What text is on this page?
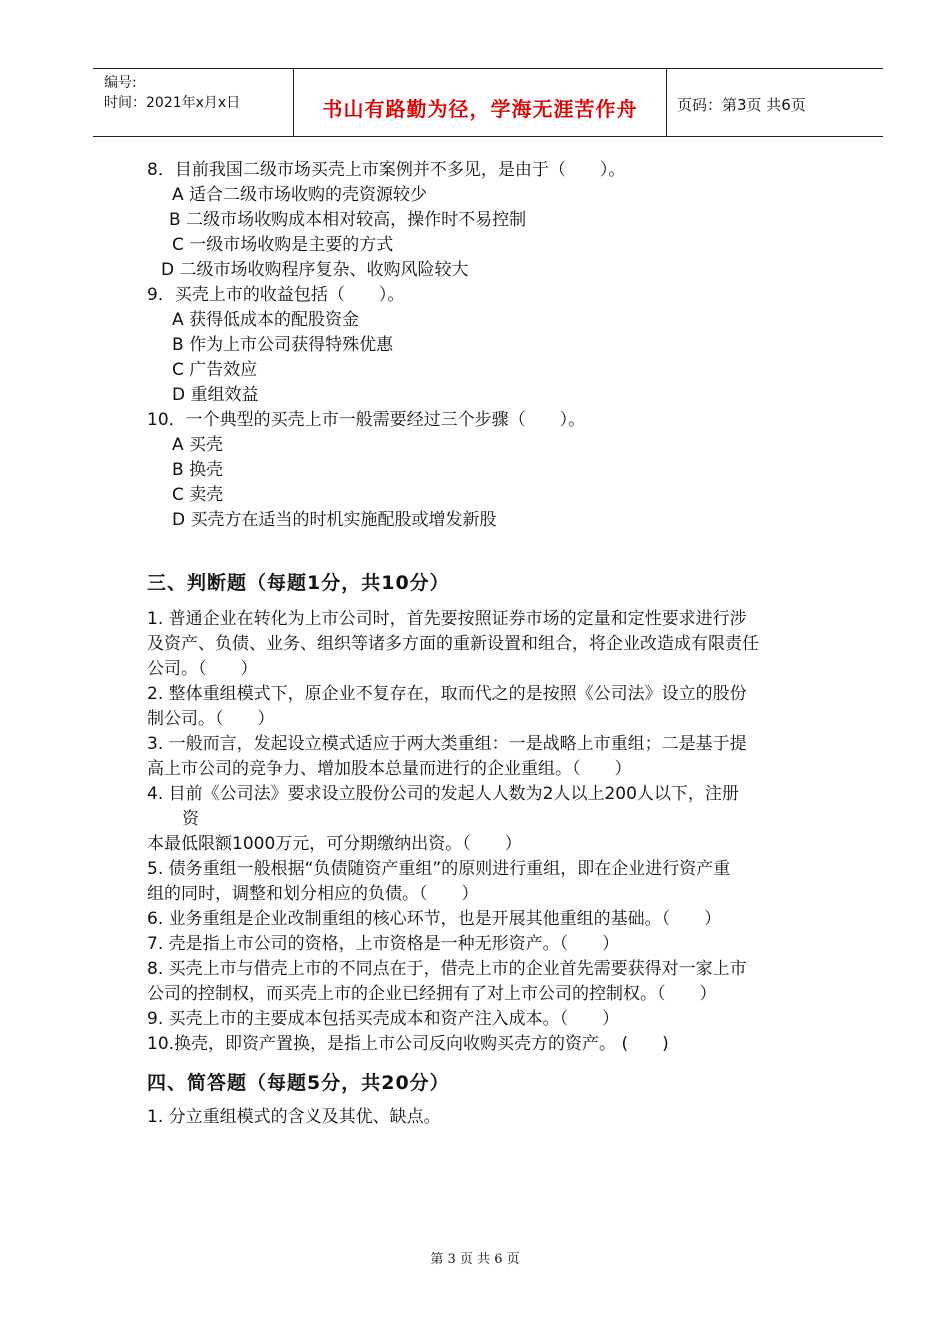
编号:
时间：2021年x月x日	书山有路勤为径，学海无涯苦作舟	页码：第3页 共6页
8．目前我国二级市场买壳上市案例并不多见，是由于（　　）。
A 适合二级市场收购的壳资源较少
B 二级市场收购成本相对较高，操作时不易控制
C 一级市场收购是主要的方式
D 二级市场收购程序复杂、收购风险较大
9．买壳上市的收益包括（　　）。
A 获得低成本的配股资金
B 作为上市公司获得特殊优惠
C 广告效应
D 重组效益
10．一个典型的买壳上市一般需要经过三个步骤（　　）。
A 买壳
B 换壳
C 卖壳
D 买壳方在适当的时机实施配股或增发新股
三、判断题（每题1分，共10分）
1. 普通企业在转化为上市公司时，首先要按照证券市场的定量和定性要求进行涉
及资产、负债、业务、组织等诸多方面的重新设置和组合，将企业改造成有限责任
公司。（　　）
2. 整体重组模式下，原企业不复存在，取而代之的是按照《公司法》设立的股份
制公司。（　　）
3. 一般而言，发起设立模式适应于两大类重组：一是战略上市重组；二是基于提
高上市公司的竞争力、增加股本总量而进行的企业重组。（　　）
4. 目前《公司法》要求设立股份公司的发起人人数为2人以上200人以下，注册
资
本最低限额1000万元，可分期缴纳出资。（　　）
5. 债务重组一般根据“负债随资产重组”的原则进行重组，即在企业进行资产重
组的同时，调整和划分相应的负债。（　　）
6. 业务重组是企业改制重组的核心环节，也是开展其他重组的基础。（　　）
7. 壳是指上市公司的资格，上市资格是一种无形资产。（　　）
8. 买壳上市与借壳上市的不同点在于，借壳上市的企业首先需要获得对一家上市
公司的控制权，而买壳上市的企业已经拥有了对上市公司的控制权。（　　）
9. 买壳上市的主要成本包括买壳成本和资产注入成本。（　　）
10.换壳，即资产置换，是指上市公司反向收购买壳方的资产。 (　　)
四、简答题（每题5分，共20分）
1. 分立重组模式的含义及其优、缺点。
第 3 页 共 6 页
